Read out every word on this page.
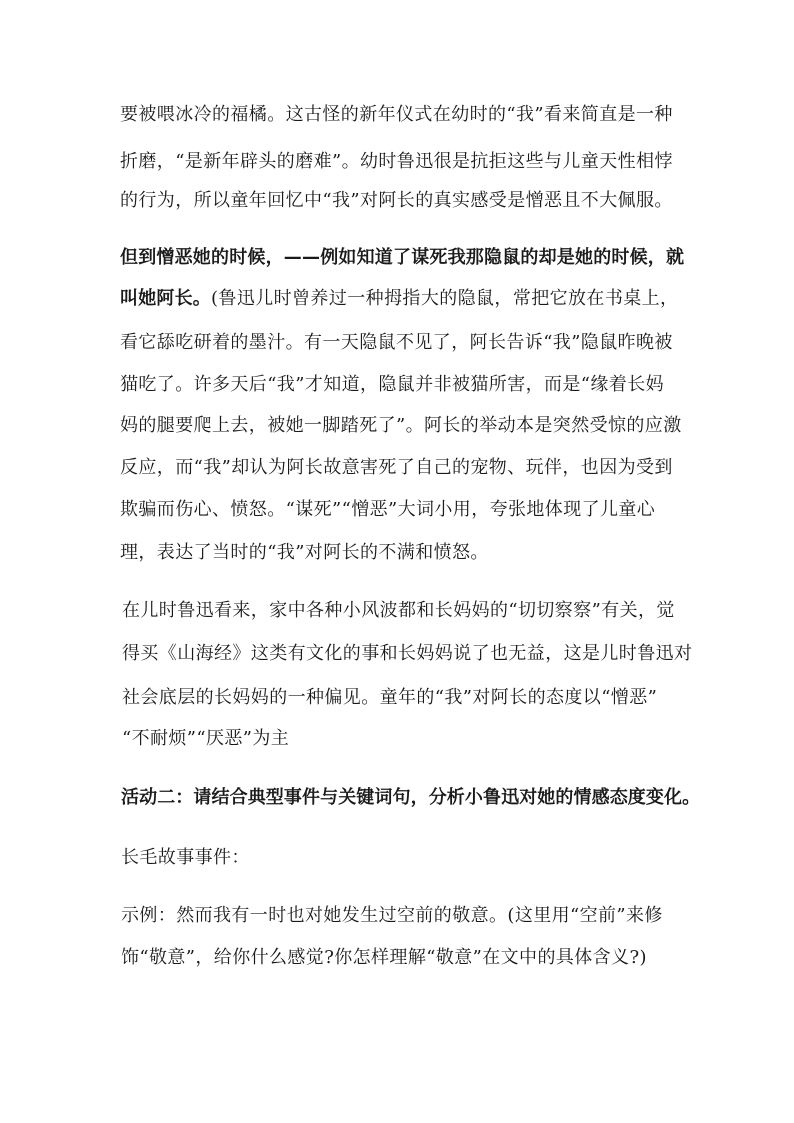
要被喂冰冷的福橘。这古怪的新年仪式在幼时的“我”看来简直是一种
折磨，“是新年辟头的磨难”。幼时鲁迅很是抗拒这些与儿童天性相悖
的行为，所以童年回忆中“我”对阿长的真实感受是憎恶且不大佩服。
但到憎恶她的时候，——例如知道了谋死我那隐鼠的却是她的时候，就
叫她阿长。(鲁迅儿时曾养过一种拇指大的隐鼠，常把它放在书桌上，
看它舔吃研着的墨汁。有一天隐鼠不见了，阿长告诉“我”隐鼠昨晚被
猫吃了。许多天后“我”才知道，隐鼠并非被猫所害，而是“缘着长妈
妈的腿要爬上去，被她一脚踏死了”。阿长的举动本是突然受惊的应激
反应，而“我”却认为阿长故意害死了自己的宠物、玩伴，也因为受到
欺骗而伤心、愤怒。“谋死”“憎恶”大词小用，夸张地体现了儿童心
理，表达了当时的“我”对阿长的不满和愤怒。
在儿时鲁迅看来，家中各种小风波都和长妈妈的“切切察察”有关，觉
得买《山海经》这类有文化的事和长妈妈说了也无益，这是儿时鲁迅对
社会底层的长妈妈的一种偏见。童年的“我”对阿长的态度以“憎恶”
“不耐烦”“厌恶”为主
活动二：请结合典型事件与关键词句，分析小鲁迅对她的情感态度变化。
长毛故事事件：
示例：然而我有一时也对她发生过空前的敬意。(这里用“空前”来修
饰“敬意”，给你什么感觉?你怎样理解“敬意”在文中的具体含义?)
